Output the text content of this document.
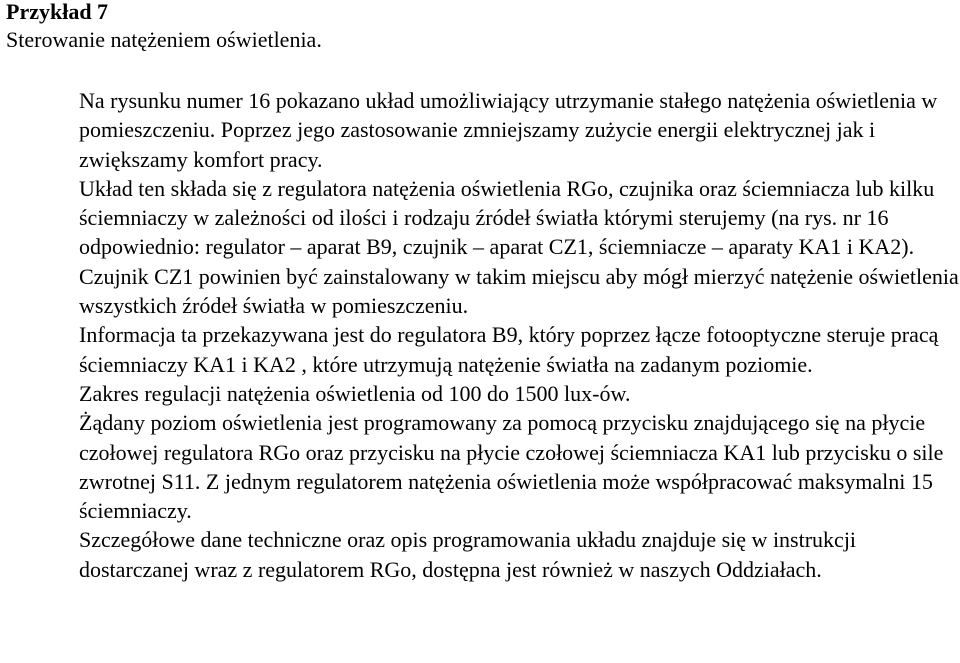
Przykład 7
Sterowanie natężeniem oświetlenia.

Na rysunku numer 16 pokazano układ umożliwiający utrzymanie stałego natężenia oświetlenia w pomieszczeniu. Poprzez jego zastosowanie zmniejszamy zużycie energii elektrycznej jak i zwiększamy komfort pracy.

Układ ten składa się z regulatora natężenia oświetlenia RGo, czujnika oraz ściemniacza lub kilku ściemniaczy w zależności od ilości i rodzaju źródeł światła którymi sterujemy (na rys. nr 16 odpowiednio: regulator – aparat B9, czujnik – aparat CZ1, ściemniacze – aparaty KA1 i KA2).

Czujnik CZ1 powinien być zainstalowany w takim miejscu aby mógł mierzyć natężenie oświetlenia wszystkich źródeł światła w pomieszczeniu.

Informacja ta przekazywana jest do regulatora B9, który poprzez łącze fotooptyczne steruje pracą ściemniaczy KA1 i KA2 , które utrzymują natężenie światła na zadanym poziomie.

Zakres regulacji natężenia oświetlenia od 100 do 1500 lux-ów.

Żądany poziom oświetlenia jest programowany za pomocą przycisku znajdującego się na płycie czołowej regulatora RGo oraz przycisku na płycie czołowej ściemniacza KA1 lub przycisku o sile zwrotnej S11. Z jednym regulatorem natężenia oświetlenia może współpracować maksymalni 15 ściemniaczy.

Szczegółowe dane techniczne oraz opis programowania układu znajduje się w instrukcji dostarczanej wraz z regulatorem RGo, dostępna jest również w naszych Oddziałach.
